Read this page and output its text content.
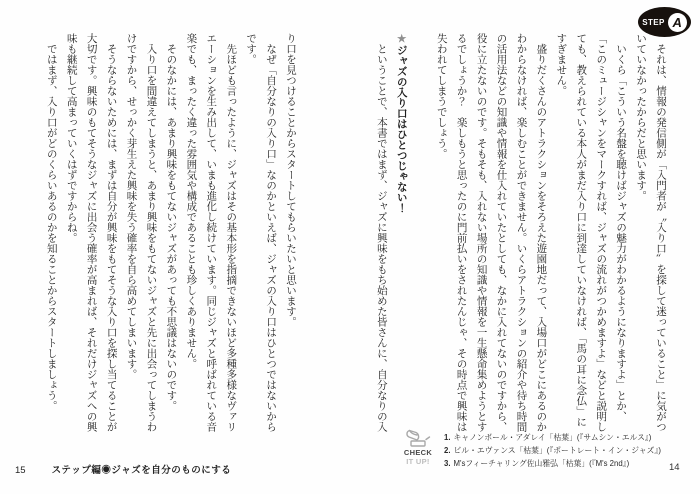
STEP A

　それは、情報の発信側が「入門者が〝入り口〟を探して迷っていること」に気がついていなかったからだと思います。

　いくら「こういう名盤を聴けばジャズの魅力がわかるようになりますよ」とか、「このミュージシャンをマークすれば、ジャズの流れがつかめますよ」などと説明しても、教えられている本人がまだ入り口に到達していなければ、「馬の耳に念仏」にすぎません。

　盛りだくさんのアトラクションをそろえた遊園地だって、入場口がどこにあるのかわからなければ、楽しむことができません。いくらアトラクションの紹介や待ち時間の活用法などの知識や情報を仕入れていたとしても、なかに入れてないのですから、役に立たないのです。そもそも、入れない場所の知識や情報を一生懸命集めようとするでしょうか？　楽しもうと思ったのに門前払いをされたんじゃ、その時点で興味は失われてしまうでしょう。

★ジャズの入り口はひとつじゃない！

　ということで、本書ではまず、ジャズに興味をもち始めた皆さんに、自分なりの入

り口を見つけることからスタートしてもらいたいと思います。

　なぜ「自分なりの入り口」なのかといえば、ジャズの入り口はひとつではないからです。

　先ほども言ったように、ジャズはその基本形を指摘できないほど多種多様なヴァリエーションを生み出して、いまも進化し続けています。同じジャズと呼ばれている音楽でも、まったく違った雰囲気や構成であることも珍しくありません。

　そのなかには、あまり興味をもてないジャズがあっても不思議はないのです。

　入り口を間違えてしまうと、あまり興味をもてないジャズと先に出会ってしまうわけですから、せっかく芽生えた興味を失う確率を自ら高めてしまいます。

　そうならないためには、まずは自分が興味をもてそうな入り口を探し当てることが大切です。興味のもてそうなジャズに出会う確率が高まれば、それだけジャズへの興味も継続して高まっていくはずですからね。

　ではまず、入り口がどのくらいあるのかを知ることからスタートしましょう。

CHECK
IT UP!
1. キャノンボール・アダレイ「枯葉」(『サムシン・エルス』)
2. ビル・エヴァンス「枯葉」(『ポートレート・イン・ジャズ』)
3. M'sフィーチャリング佐山雅弘「枯葉」(『M's 2nd』)	14
15	ステップ編◉ジャズを自分のものにする
